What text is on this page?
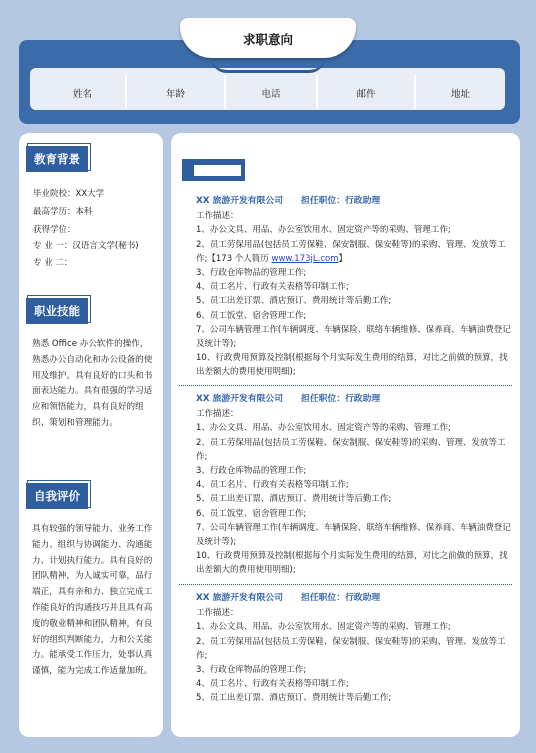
姓名	年龄	电话	邮件	地址
求职意向
教育背景
毕业院校：XX大学
最高学历：本科
获得学位：
专 业 一：汉语言文学(秘书)
专 业 二：
职业技能
熟悉 Office 办公软件的操作，熟悉办公自动化和办公设备的使用及维护。具有良好的口头和书面表达能力。具有很强的学习适应和领悟能力，具有良好的组织、策划和管理能力。
自我评价
具有较强的领导能力、业务工作能力、组织与协调能力、沟通能力、计划执行能力。具有良好的团队精神，为人诚实可靠，品行端正，具有亲和力、独立完成工作能良好的沟通技巧并且具有高度的敬业精神和团队精神，有良好的组织判断能力，力和公关能力。能承受工作压力，处事认真谨慎，能为完成工作适量加班。
XX 旅游开发有限公司 担任职位：行政助理
工作描述：
1、办公文具、用品、办公室饮用水、固定资产等的采购、管理工作;
2、员工劳保用品(包括员工劳保鞋、保安制服、保安鞋等)的采购、管理、发放等工作;【173 个人简历 www.173jL.com】
3、行政仓库物品的管理工作;
4、员工名片、行政有关表格等印制工作;
5、员工出差订票、酒店预订、费用统计等后勤工作;
6、员工饭堂、宿舍管理工作;
7、公司车辆管理工作(车辆调度、车辆保险、联络车辆维修、保养商、车辆油费登记及统计等);
10、行政费用预算及控制(根据每个月实际发生费用的结算，对比之前做的预算，找出差额大的费用使用明细);
XX 旅游开发有限公司 担任职位：行政助理
工作描述：
1、办公文具、用品、办公室饮用水、固定资产等的采购、管理工作;
2、员工劳保用品(包括员工劳保鞋、保安制服、保安鞋等)的采购、管理、发放等工作;
3、行政仓库物品的管理工作;
4、员工名片、行政有关表格等印制工作;
5、员工出差订票、酒店预订、费用统计等后勤工作;
6、员工饭堂、宿舍管理工作;
7、公司车辆管理工作(车辆调度、车辆保险、联络车辆维修、保养商、车辆油费登记及统计等);
10、行政费用预算及控制(根据每个月实际发生费用的结算，对比之前做的预算，找出差额大的费用使用明细);
XX 旅游开发有限公司 担任职位：行政助理
工作描述：
1、办公文具、用品、办公室饮用水、固定资产等的采购、管理工作;
2、员工劳保用品(包括员工劳保鞋、保安制服、保安鞋等)的采购、管理、发放等工作;
3、行政仓库物品的管理工作;
4、员工名片、行政有关表格等印制工作;
5、员工出差订票、酒店预订、费用统计等后勤工作;
